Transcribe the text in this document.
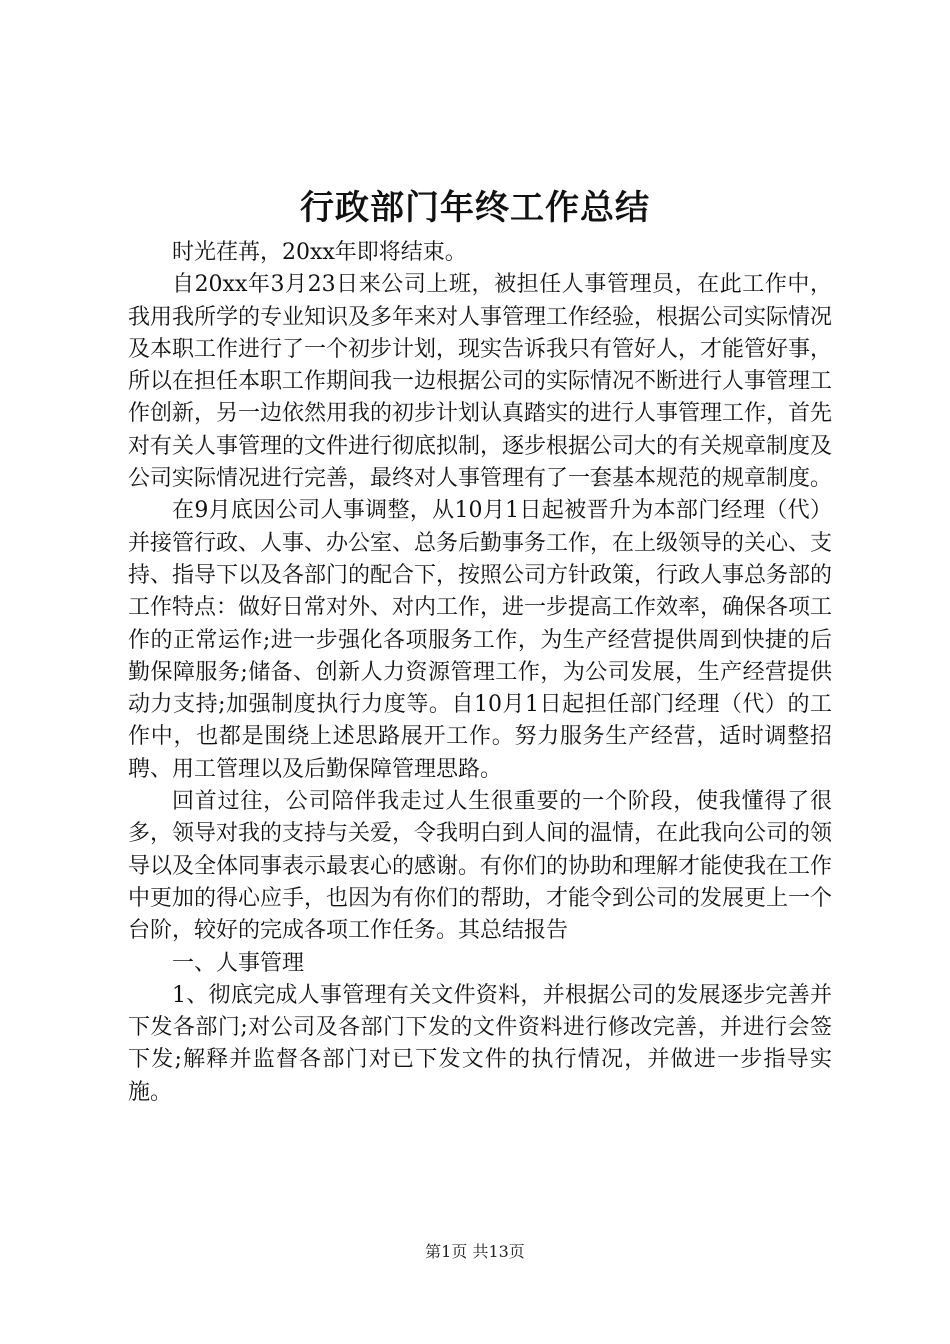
行政部门年终工作总结

时光荏苒，20xx年即将结束。

自20xx年3月23日来公司上班，被担任人事管理员，在此工作中，我用我所学的专业知识及多年来对人事管理工作经验，根据公司实际情况及本职工作进行了一个初步计划，现实告诉我只有管好人，才能管好事，所以在担任本职工作期间我一边根据公司的实际情况不断进行人事管理工作创新，另一边依然用我的初步计划认真踏实的进行人事管理工作，首先对有关人事管理的文件进行彻底拟制，逐步根据公司大的有关规章制度及公司实际情况进行完善，最终对人事管理有了一套基本规范的规章制度。

在9月底因公司人事调整，从10月1日起被晋升为本部门经理（代）并接管行政、人事、办公室、总务后勤事务工作，在上级领导的关心、支持、指导下以及各部门的配合下，按照公司方针政策，行政人事总务部的工作特点：做好日常对外、对内工作，进一步提高工作效率，确保各项工作的正常运作;进一步强化各项服务工作，为生产经营提供周到快捷的后勤保障服务;储备、创新人力资源管理工作，为公司发展，生产经营提供动力支持;加强制度执行力度等。自10月1日起担任部门经理（代）的工作中，也都是围绕上述思路展开工作。努力服务生产经营，适时调整招聘、用工管理以及后勤保障管理思路。

回首过往，公司陪伴我走过人生很重要的一个阶段，使我懂得了很多，领导对我的支持与关爱，令我明白到人间的温情，在此我向公司的领导以及全体同事表示最衷心的感谢。有你们的协助和理解才能使我在工作中更加的得心应手，也因为有你们的帮助，才能令到公司的发展更上一个台阶，较好的完成各项工作任务。其总结报告

一、人事管理

1、彻底完成人事管理有关文件资料，并根据公司的发展逐步完善并下发各部门;对公司及各部门下发的文件资料进行修改完善，并进行会签下发;解释并监督各部门对已下发文件的执行情况，并做进一步指导实施。

第1页 共13页
